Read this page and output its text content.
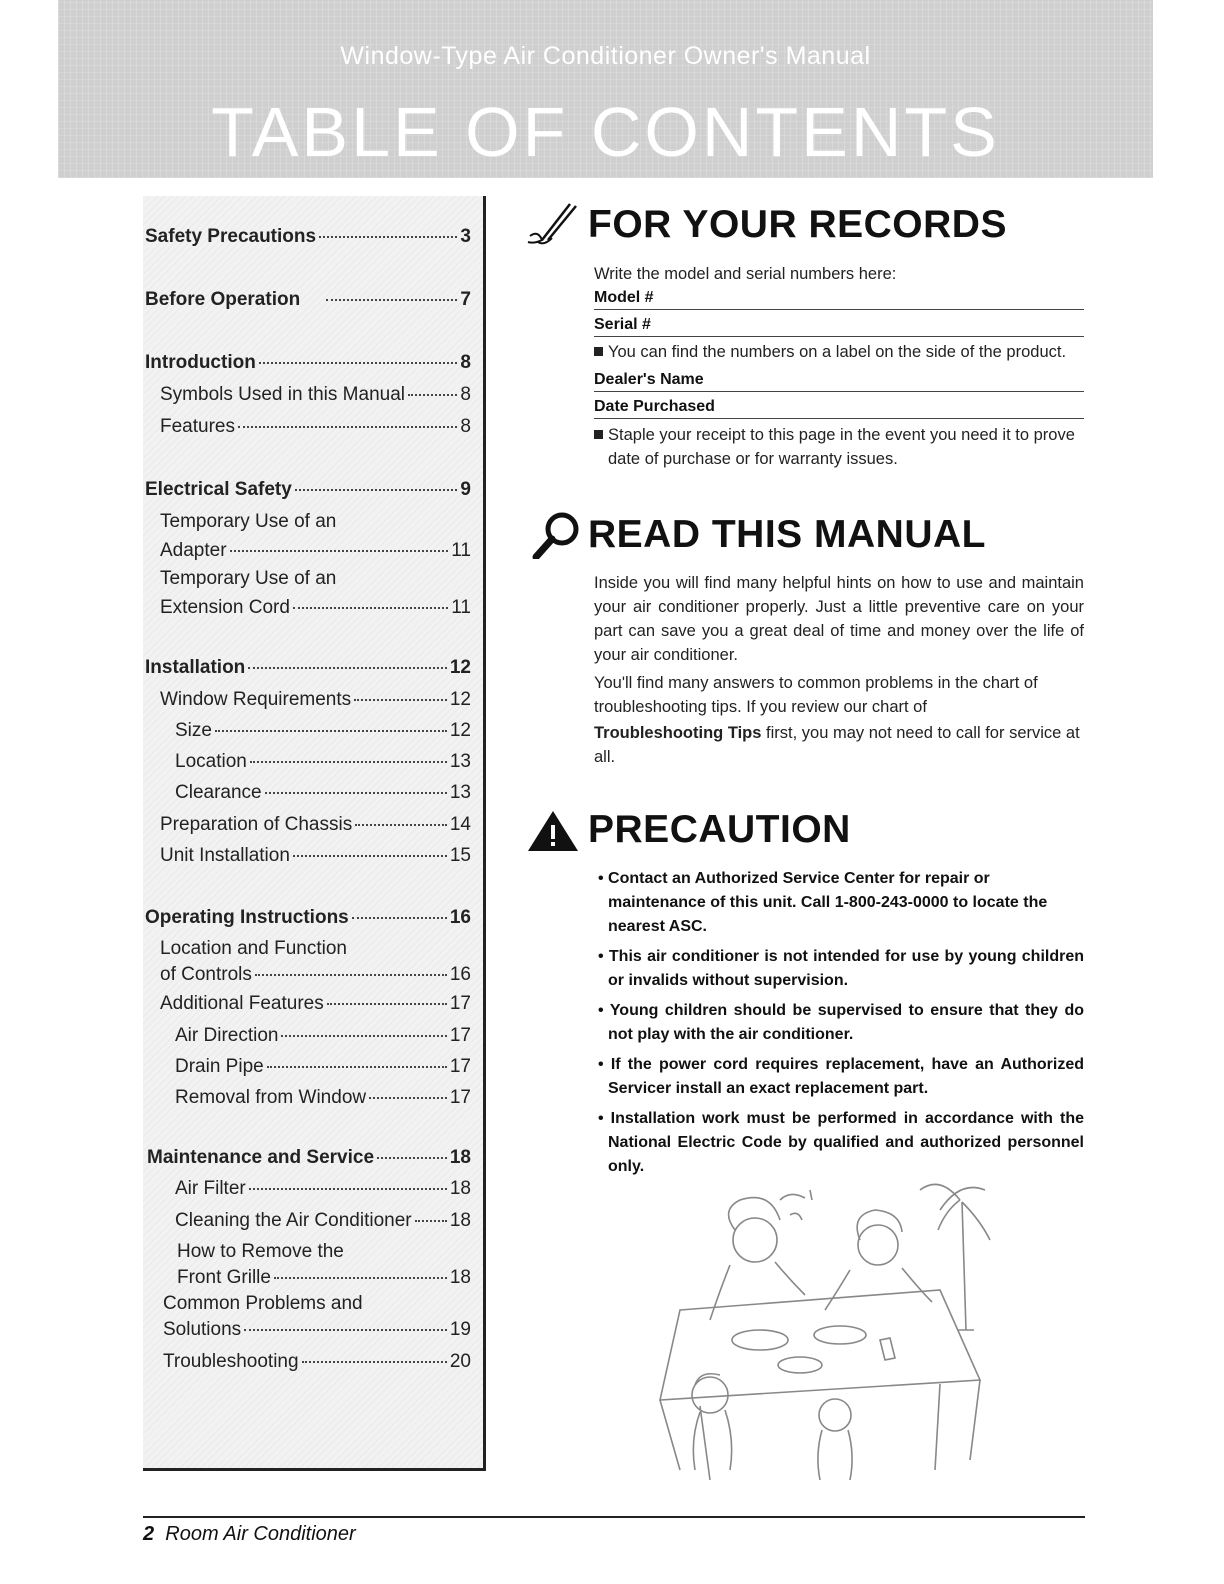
Window-Type Air Conditioner Owner's Manual
TABLE OF CONTENTS
Safety Precautions	3
Before Operation	7
Introduction	8
Symbols Used in this Manual	8
Features	8
Electrical Safety	9
Temporary Use of an
Adapter	11
Temporary Use of an
Extension Cord	11
Installation	12
Window Requirements	12
Size	12
Location	13
Clearance	13
Preparation of Chassis	14
Unit Installation	15
Operating Instructions	16
Location and Function
of Controls	16
Additional Features	17
Air Direction	17
Drain Pipe	17
Removal from Window	17
Maintenance and Service	18
Air Filter	18
Cleaning the Air Conditioner 18
How to Remove the
Front Grille	18
Common Problems and
Solutions	19
Troubleshooting	20
FOR YOUR RECORDS

Write the model and serial numbers here:

Model #
Serial #

You can find the numbers on a label on the side of the product.

Dealer's Name
Date Purchased

Staple your receipt to this page in the event you need it to prove date of purchase or for warranty issues.

READ THIS MANUAL

Inside you will find many helpful hints on how to use and maintain your air conditioner properly. Just a little preventive care on your part can save you a great deal of time and money over the life of your air conditioner.

You'll find many answers to common problems in the chart of troubleshooting tips. If you review our chart of

Troubleshooting Tips first, you may not need to call for service at all.

PRECAUTION

• Contact an Authorized Service Center for repair or maintenance of this unit. Call 1-800-243-0000 to locate the nearest ASC.

• This air conditioner is not intended for use by young children or invalids without supervision.

• Young children should be supervised to ensure that they do not play with the air conditioner.

• If the power cord requires replacement, have an Authorized Servicer install an exact replacement part.

• Installation work must be performed in accordance with the National Electric Code by qualified and authorized personnel only.

2 Room Air Conditioner
